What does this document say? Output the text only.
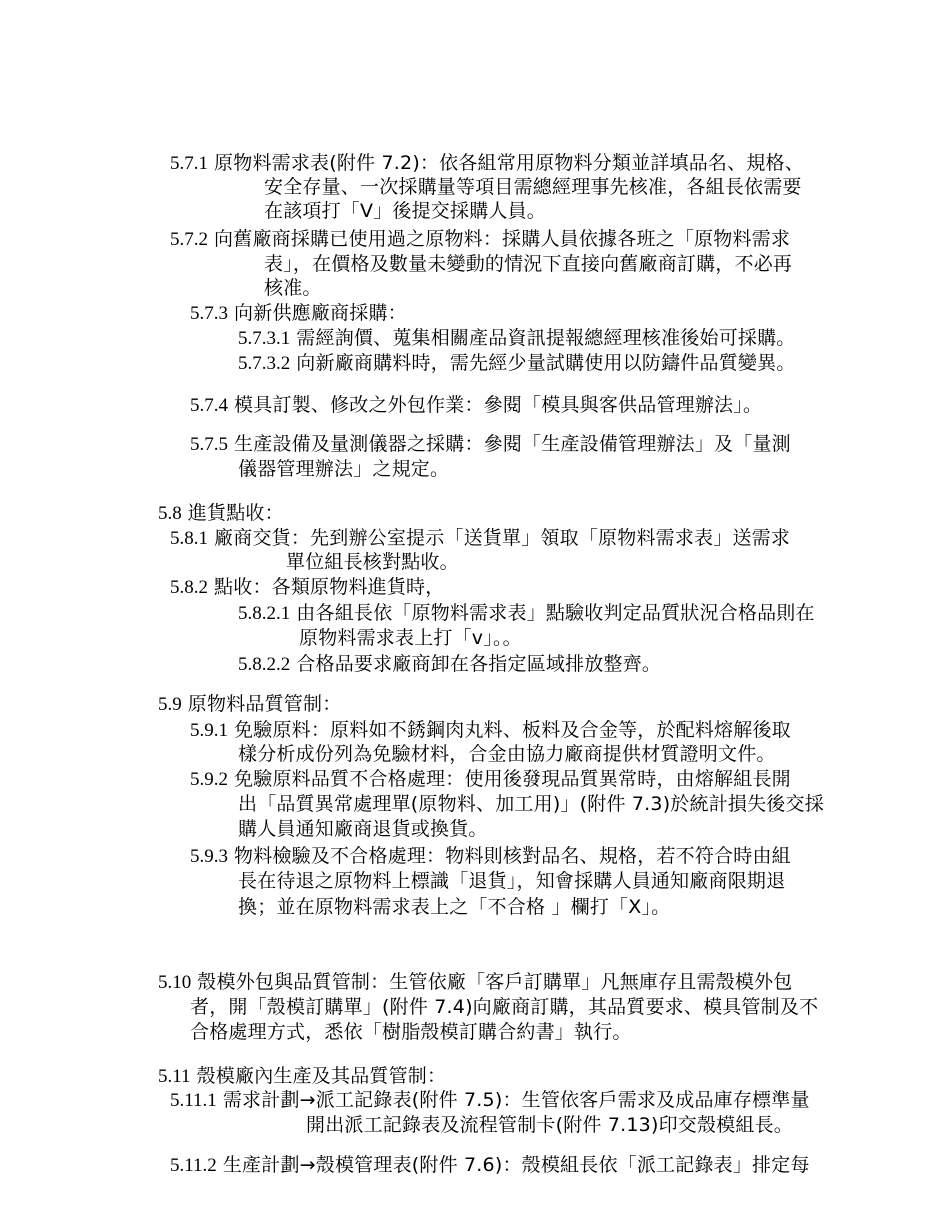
5.7.1 原物料需求表(附件 7.2)：依各組常用原物料分類並詳填品名、規格、
安全存量、一次採購量等項目需總經理事先核准，各組長依需要
在該項打「V」後提交採購人員。
5.7.2 向舊廠商採購已使用過之原物料：採購人員依據各班之「原物料需求
表」，在價格及數量未變動的情況下直接向舊廠商訂購，不必再
核准。
5.7.3 向新供應廠商採購：
5.7.3.1 需經詢價、蒐集相關產品資訊提報總經理核准後始可採購。
5.7.3.2 向新廠商購料時，需先經少量試購使用以防鑄件品質變異。
5.7.4 模具訂製、修改之外包作業：參閱「模具與客供品管理辦法」。
5.7.5 生產設備及量測儀器之採購：參閱「生產設備管理辦法」及「量測
儀器管理辦法」之規定。
5.8 進貨點收：
5.8.1 廠商交貨：先到辦公室提示「送貨單」領取「原物料需求表」送需求
單位組長核對點收。
5.8.2 點收：各類原物料進貨時，
5.8.2.1 由各組長依「原物料需求表」點驗收判定品質狀況合格品則在
原物料需求表上打「v」。。
5.8.2.2 合格品要求廠商卸在各指定區域排放整齊。
5.9 原物料品質管制：
5.9.1 免驗原料：原料如不銹鋼肉丸料、板料及合金等，於配料熔解後取
樣分析成份列為免驗材料，合金由協力廠商提供材質證明文件。
5.9.2 免驗原料品質不合格處理：使用後發現品質異常時，由熔解組長開
出「品質異常處理單(原物料、加工用)」(附件 7.3)於統計損失後交採
購人員通知廠商退貨或換貨。
5.9.3 物料檢驗及不合格處理：物料則核對品名、規格，若不符合時由組
長在待退之原物料上標識「退貨」，知會採購人員通知廠商限期退
換；並在原物料需求表上之「不合格 」欄打「X」。
5.10 殼模外包與品質管制：生管依廠「客戶訂購單」凡無庫存且需殼模外包
者，開「殼模訂購單」(附件 7.4)向廠商訂購，其品質要求、模具管制及不
合格處理方式，悉依「樹脂殼模訂購合約書」執行。
5.11 殼模廠內生產及其品質管制：
5.11.1 需求計劃→派工記錄表(附件 7.5)：生管依客戶需求及成品庫存標準量
開出派工記錄表及流程管制卡(附件 7.13)印交殼模組長。
5.11.2 生產計劃→殼模管理表(附件 7.6)：殼模組長依「派工記錄表」排定每
